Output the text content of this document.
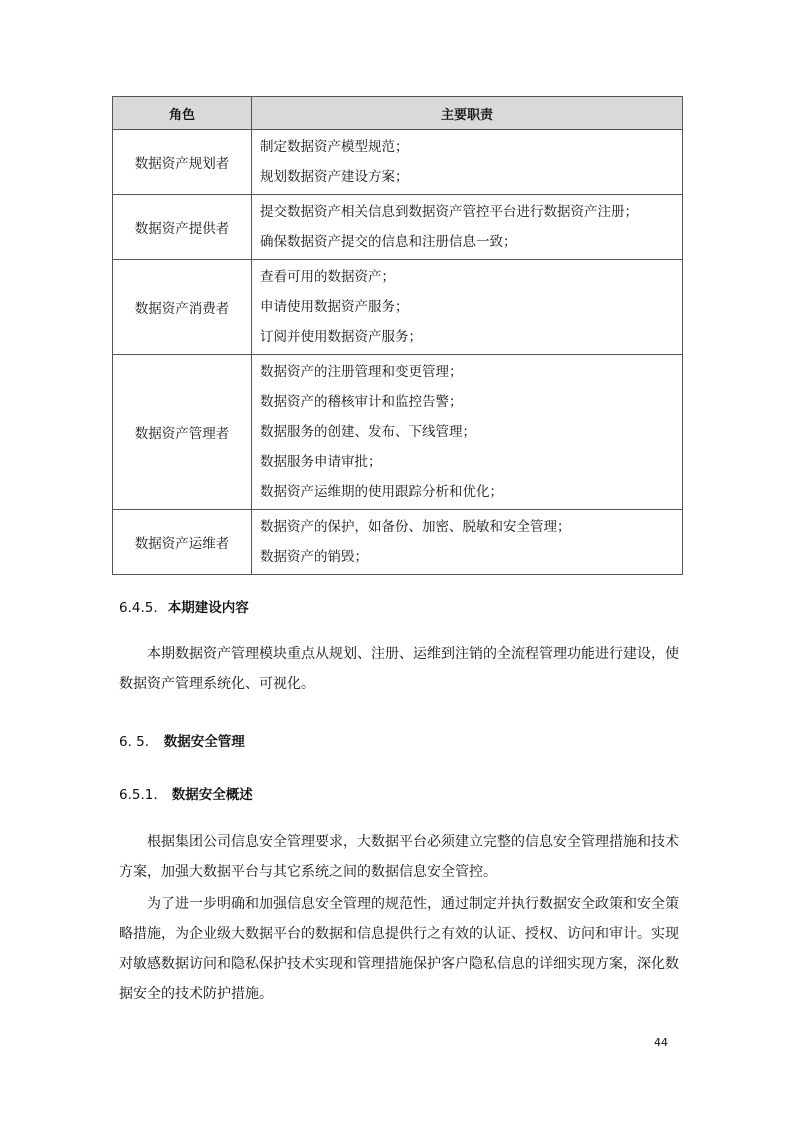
角色	主要职责
数据资产规划者	制定数据资产模型规范；
规划数据资产建设方案；

数据资产提供者	提交数据资产相关信息到数据资产管控平台进行数据资产注册；
确保数据资产提交的信息和注册信息一致；

数据资产消费者	查看可用的数据资产；
申请使用数据资产服务；
订阅并使用数据资产服务；

数据资产管理者	数据资产的注册管理和变更管理；
数据资产的稽核审计和监控告警；
数据服务的创建、发布、下线管理；
数据服务申请审批；
数据资产运维期的使用跟踪分析和优化；

数据资产运维者	数据资产的保护，如备份、加密、脱敏和安全管理；
数据资产的销毁；
6.4.5. 本期建设内容
本期数据资产管理模块重点从规划、注册、运维到注销的全流程管理功能进行建设，使数据资产管理系统化、可视化。
6. 5. 数据安全管理
6.5.1. 数据安全概述
根据集团公司信息安全管理要求，大数据平台必须建立完整的信息安全管理措施和技术方案，加强大数据平台与其它系统之间的数据信息安全管控。
为了进一步明确和加强信息安全管理的规范性，通过制定并执行数据安全政策和安全策略措施，为企业级大数据平台的数据和信息提供行之有效的认证、授权、访问和审计。实现对敏感数据访问和隐私保护技术实现和管理措施保护客户隐私信息的详细实现方案，深化数据安全的技术防护措施。
44
